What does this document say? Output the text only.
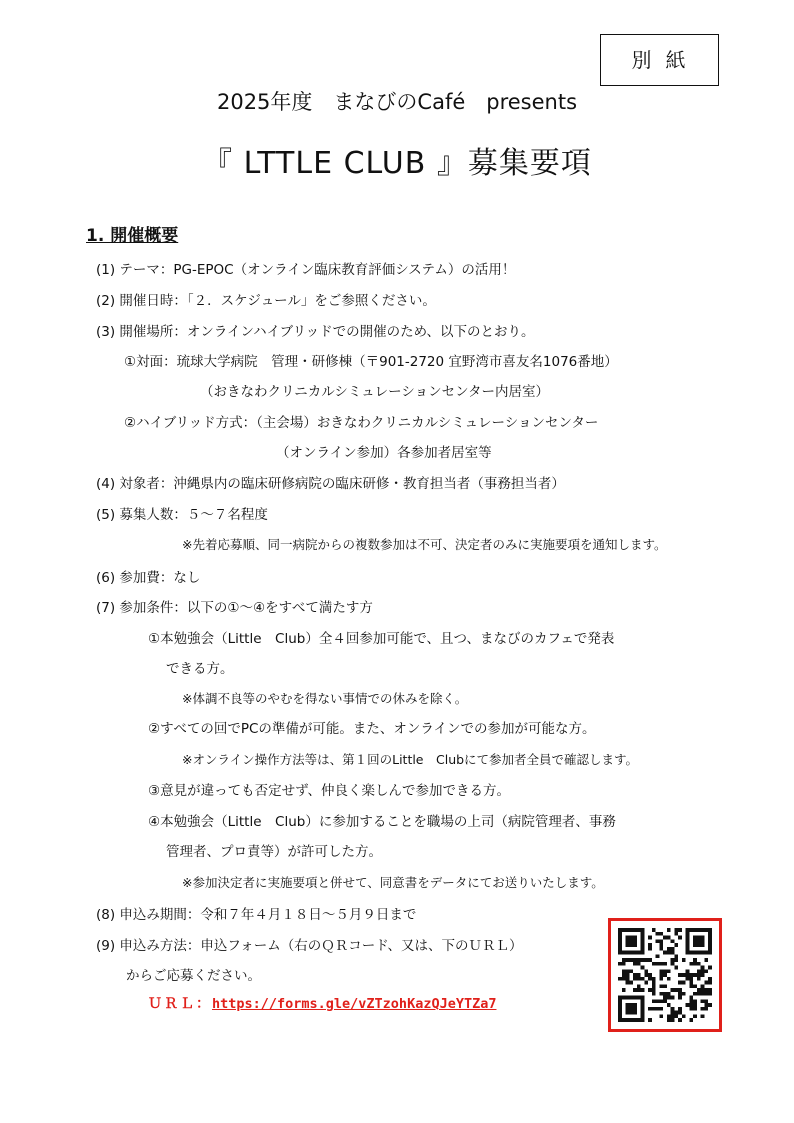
別紙
2025年度　まなびのCafé　presents
『 LTTLE CLUB 』募集要項
1. 開催概要
(1) テーマ：PG-EPOC（オンライン臨床教育評価システム）の活用！
(2) 開催日時：「２．スケジュール」をご参照ください。
(3) 開催場所：オンラインハイブリッドでの開催のため、以下のとおり。
①対面：琉球大学病院　管理・研修棟（〒901-2720 宜野湾市喜友名1076番地）
（おきなわクリニカルシミュレーションセンター内居室）
②ハイブリッド方式：（主会場）おきなわクリニカルシミュレーションセンター
（オンライン参加）各参加者居室等
(4) 対象者：沖縄県内の臨床研修病院の臨床研修・教育担当者（事務担当者）
(5) 募集人数：５～７名程度
※先着応募順、同一病院からの複数参加は不可、決定者のみに実施要項を通知します。
(6) 参加費：なし
(7) 参加条件：以下の①～④をすべて満たす方
①本勉強会（Little　Club）全４回参加可能で、且つ、まなびのカフェで発表
できる方。
※体調不良等のやむを得ない事情での休みを除く。
②すべての回でPCの準備が可能。また、オンラインでの参加が可能な方。
※オンライン操作方法等は、第１回のLittle　Clubにて参加者全員で確認します。
③意見が違っても否定せず、仲良く楽しんで参加できる方。
④本勉強会（Little　Club）に参加することを職場の上司（病院管理者、事務
管理者、プロ責等）が許可した方。
※参加決定者に実施要項と併せて、同意書をデータにてお送りいたします。
(8) 申込み期間：令和７年４月１８日～５月９日まで
(9) 申込み方法：申込フォーム（右のＱＲコード、又は、下のＵＲＬ）
からご応募ください。
ＵＲＬ：https://forms.gle/vZTzohKazQJeYTZa7
